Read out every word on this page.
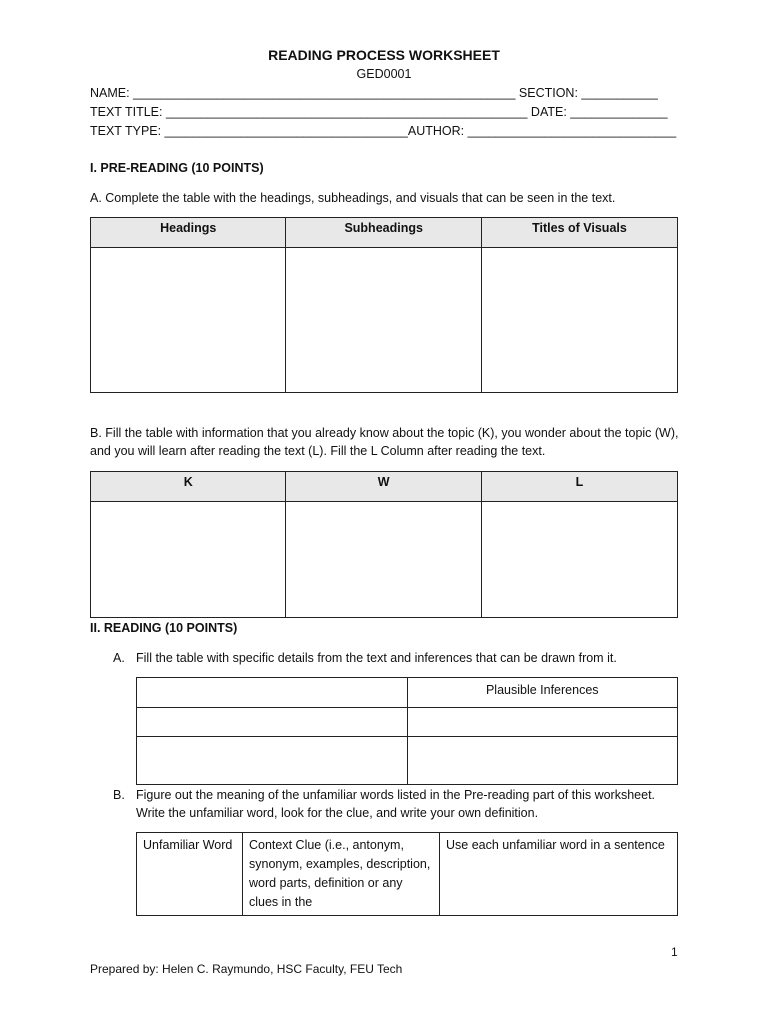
READING PROCESS WORKSHEET
GED0001
NAME: _______________________________________________________ SECTION: ___________
TEXT TITLE: ____________________________________________________ DATE: ______________
TEXT TYPE: ___________________________________AUTHOR: ______________________________
I. PRE-READING (10 POINTS)
A. Complete the table with the headings, subheadings, and visuals that can be seen in the text.
Headings	Subheadings	Titles of Visuals

B. Fill the table with information that you already know about the topic (K), you wonder about the topic (W), and you will learn after reading the text (L). Fill the L Column after reading the text.
K	W	L

II. READING (10 POINTS)
A. Fill the table with specific details from the text and inferences that can be drawn from it.
	Plausible Inferences

B. Figure out the meaning of the unfamiliar words listed in the Pre-reading part of this worksheet. Write the unfamiliar word, look for the clue, and write your own definition.
Unfamiliar Word	Context Clue (i.e., antonym, synonym, examples, description, word parts, definition or any clues in the	Use each unfamiliar word in a sentence
1
Prepared by: Helen C. Raymundo, HSC Faculty, FEU Tech
